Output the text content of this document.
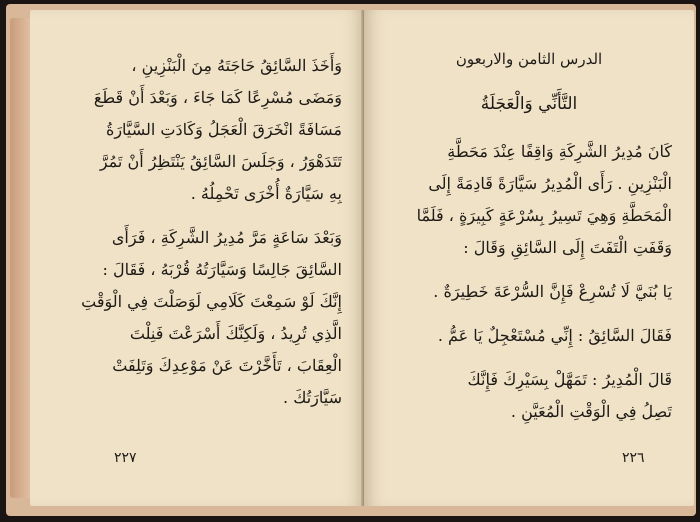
وَأَخَذَ السَّائِقُ حَاجَتَهُ مِنَ الْبَنْزِينِ ،
وَمَضَى مُسْرِعًا كَمَا جَاءَ ، وَبَعْدَ أَنْ قَطَعَ
مَسَافَةً انْخَرَقَ الْعَجَلُ وَكَادَتِ السَّيَّارَةُ
تَتَدَهْوَرُ ، وَجَلَسَ السَّائِقُ يَنْتَظِرُ أَنْ تَمُرَّ
بِهِ سَيَّارَةٌ أُخْرَى تَحْمِلُهُ .
وَبَعْدَ سَاعَةٍ مَرَّ مُدِيرُ الشَّرِكَةِ ، فَرَأَى
السَّائِقَ جَالِسًا وَسَيَّارَتُهُ قُرْبَهُ ، فَقَالَ :
إِنَّكَ لَوْ سَمِعْتَ كَلَامِي لَوَصَلْتَ فِي الْوَقْتِ
الَّذِي تُرِيدُ ، وَلَكِنَّكَ أَسْرَعْتَ فَنِلْتَ
الْعِقَابَ ، تَأَخَّرْتَ عَنْ مَوْعِدِكَ وَتَلِفَتْ
سَيَّارَتُكَ .
٢٢٧
الدرس الثامن والاربعون
التَّأَنِّي وَالْعَجَلَةُ
كَانَ مُدِيرُ الشَّرِكَةِ وَاقِفًا عِنْدَ مَحَطَّةِ
الْبَنْزِينِ . رَأَى الْمُدِيرُ سَيَّارَةً قَادِمَةً إِلَى
الْمَحَطَّةِ وَهِيَ تَسِيرُ بِسُرْعَةٍ كَبِيرَةٍ ، فَلَمَّا
وَقَفَتِ الْتَفَتَ إِلَى السَّائِقِ وَقَالَ :
يَا بُنَيَّ لَا تُسْرِعْ فَإِنَّ السُّرْعَةَ خَطِيرَةٌ .
فَقَالَ السَّائِقُ : إِنِّي مُسْتَعْجِلٌ يَا عَمُّ .
قَالَ الْمُدِيرُ : تَمَهَّلْ بِسَيْرِكَ فَإِنَّكَ
تَصِلُ فِي الْوَقْتِ الْمُعَيَّنِ .
٢٢٦
